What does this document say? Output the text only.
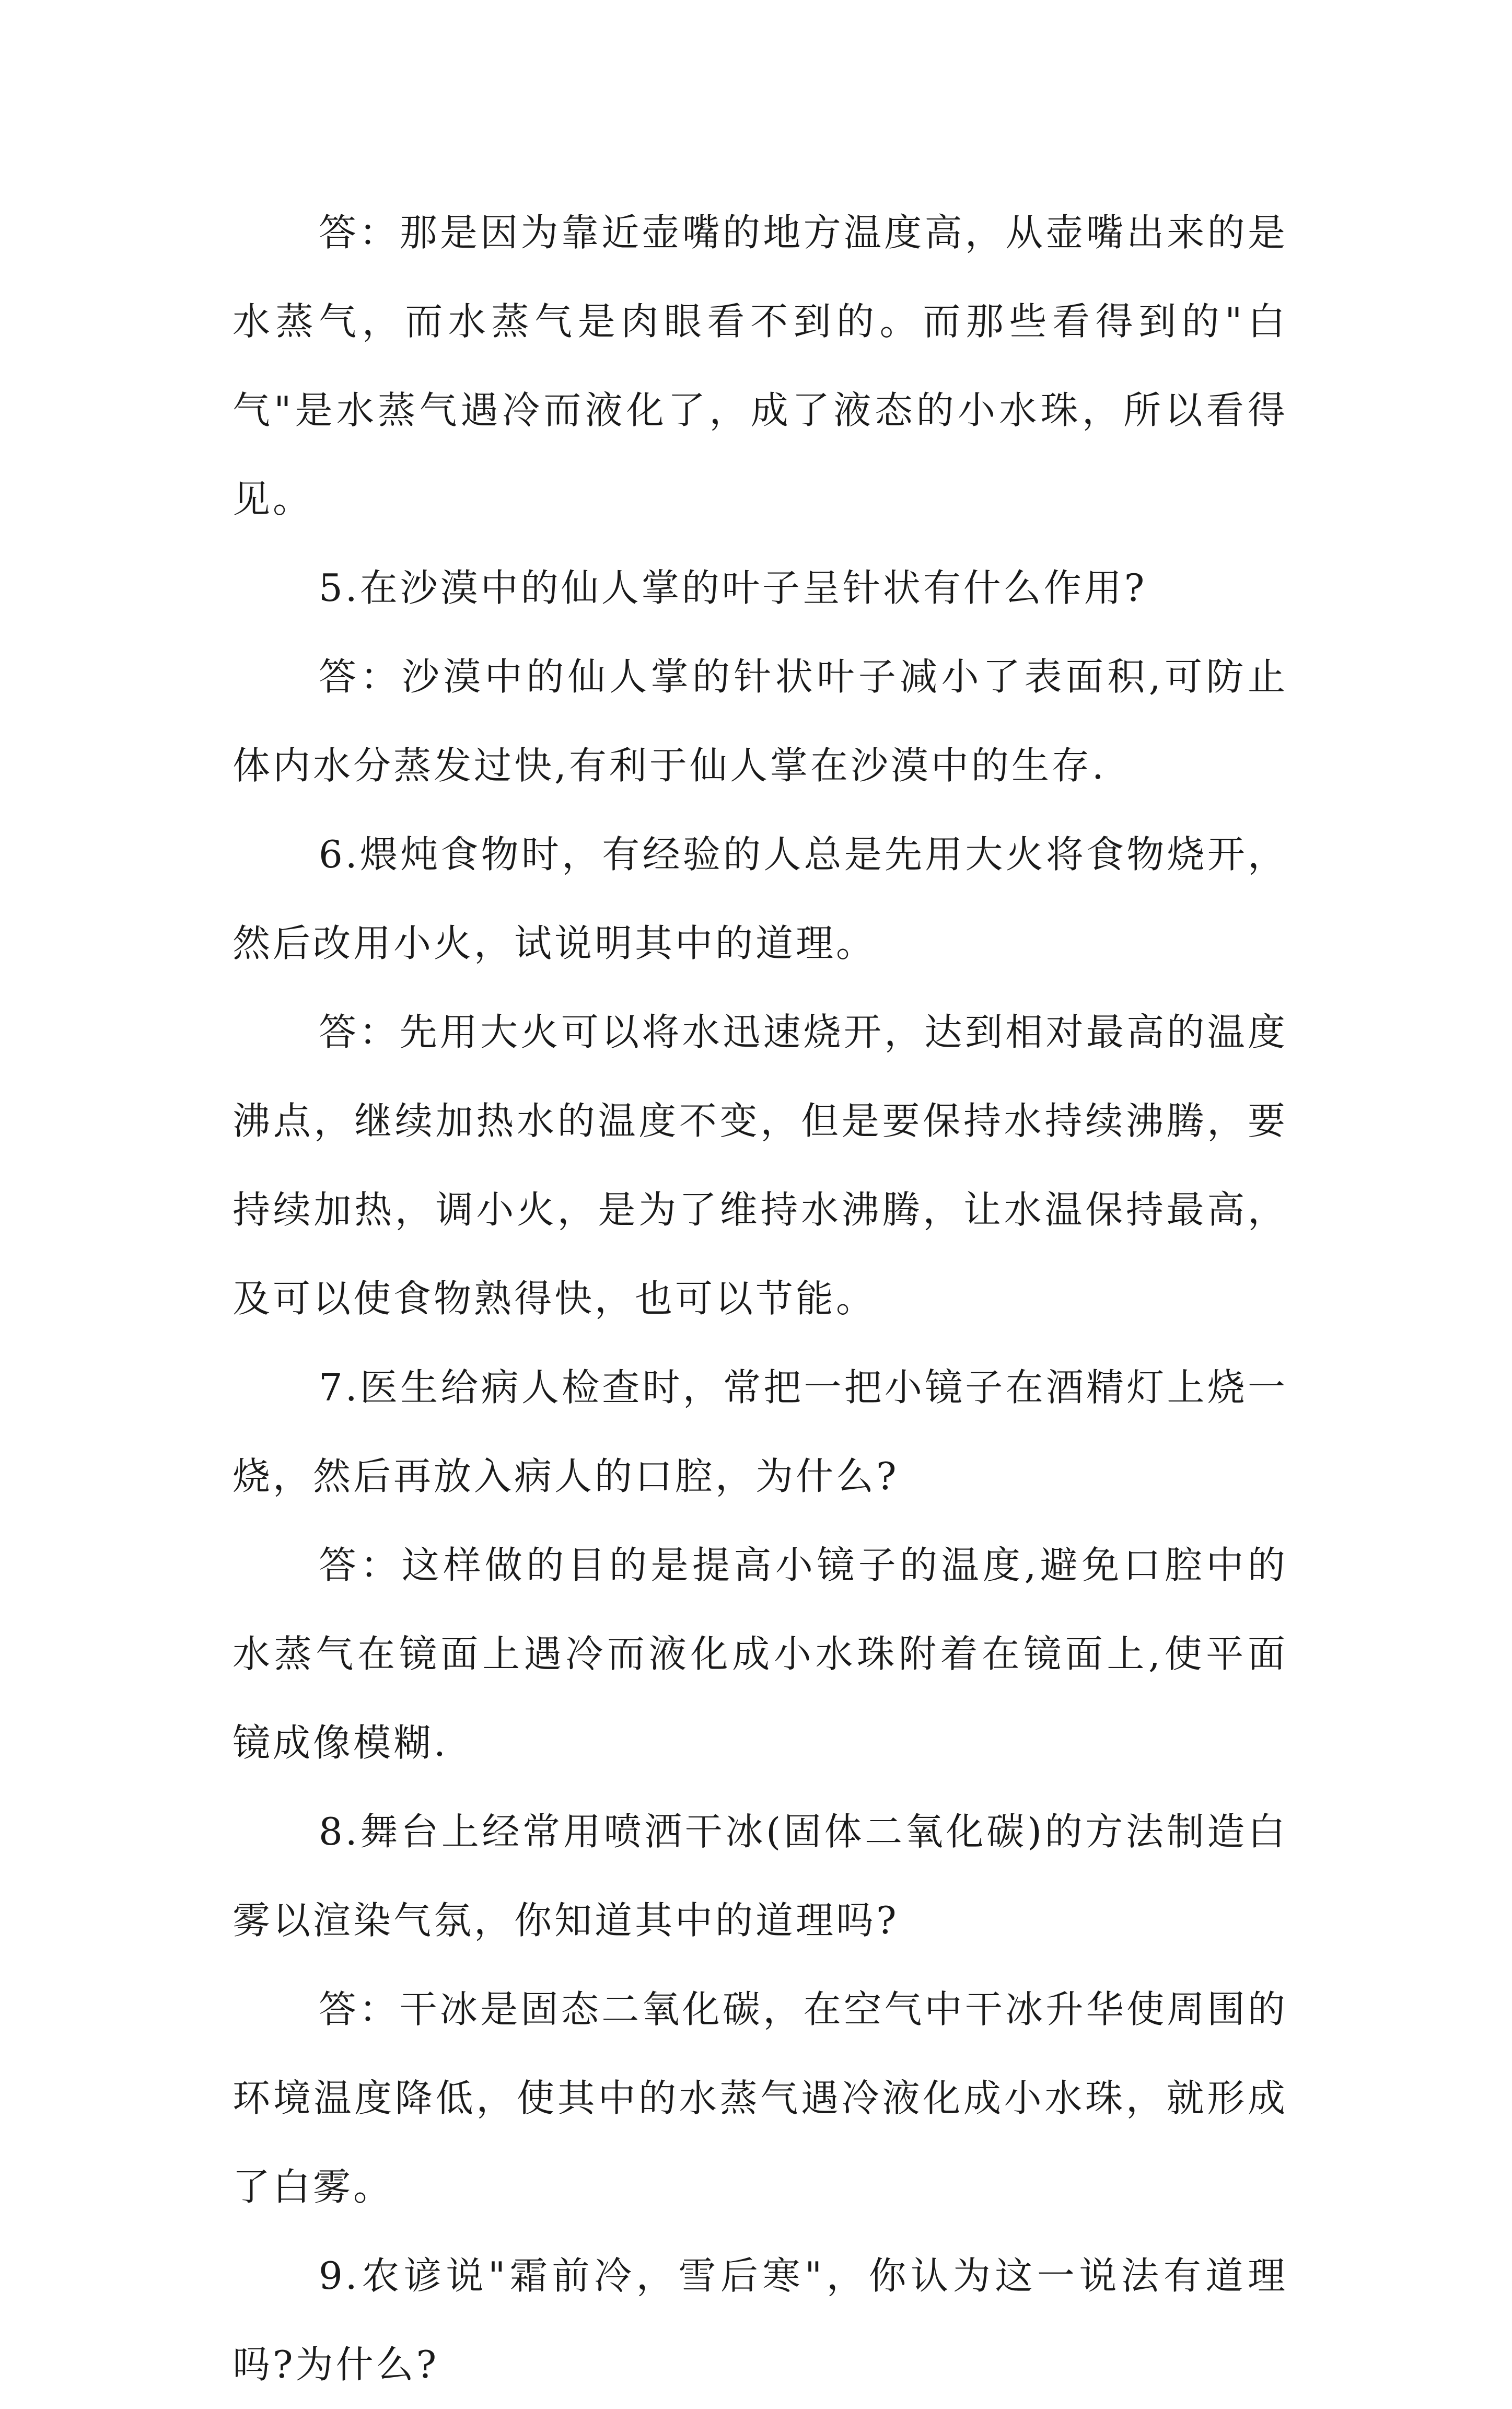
答：那是因为靠近壶嘴的地方温度高，从壶嘴出来的是水蒸气，而水蒸气是肉眼看不到的。而那些看得到的"白气"是水蒸气遇冷而液化了，成了液态的小水珠，所以看得见。

5.在沙漠中的仙人掌的叶子呈针状有什么作用?

答：沙漠中的仙人掌的针状叶子减小了表面积,可防止体内水分蒸发过快,有利于仙人掌在沙漠中的生存.

6.煨炖食物时，有经验的人总是先用大火将食物烧开，然后改用小火，试说明其中的道理。

答：先用大火可以将水迅速烧开，达到相对最高的温度沸点，继续加热水的温度不变，但是要保持水持续沸腾，要持续加热，调小火，是为了维持水沸腾，让水温保持最高，及可以使食物熟得快，也可以节能。

7.医生给病人检查时，常把一把小镜子在酒精灯上烧一烧，然后再放入病人的口腔，为什么?

答：这样做的目的是提高小镜子的温度,避免口腔中的水蒸气在镜面上遇冷而液化成小水珠附着在镜面上,使平面镜成像模糊.

8.舞台上经常用喷洒干冰(固体二氧化碳)的方法制造白雾以渲染气氛，你知道其中的道理吗?

答：干冰是固态二氧化碳，在空气中干冰升华使周围的环境温度降低，使其中的水蒸气遇冷液化成小水珠，就形成了白雾。

9.农谚说"霜前冷，雪后寒"，你认为这一说法有道理吗?为什么?
